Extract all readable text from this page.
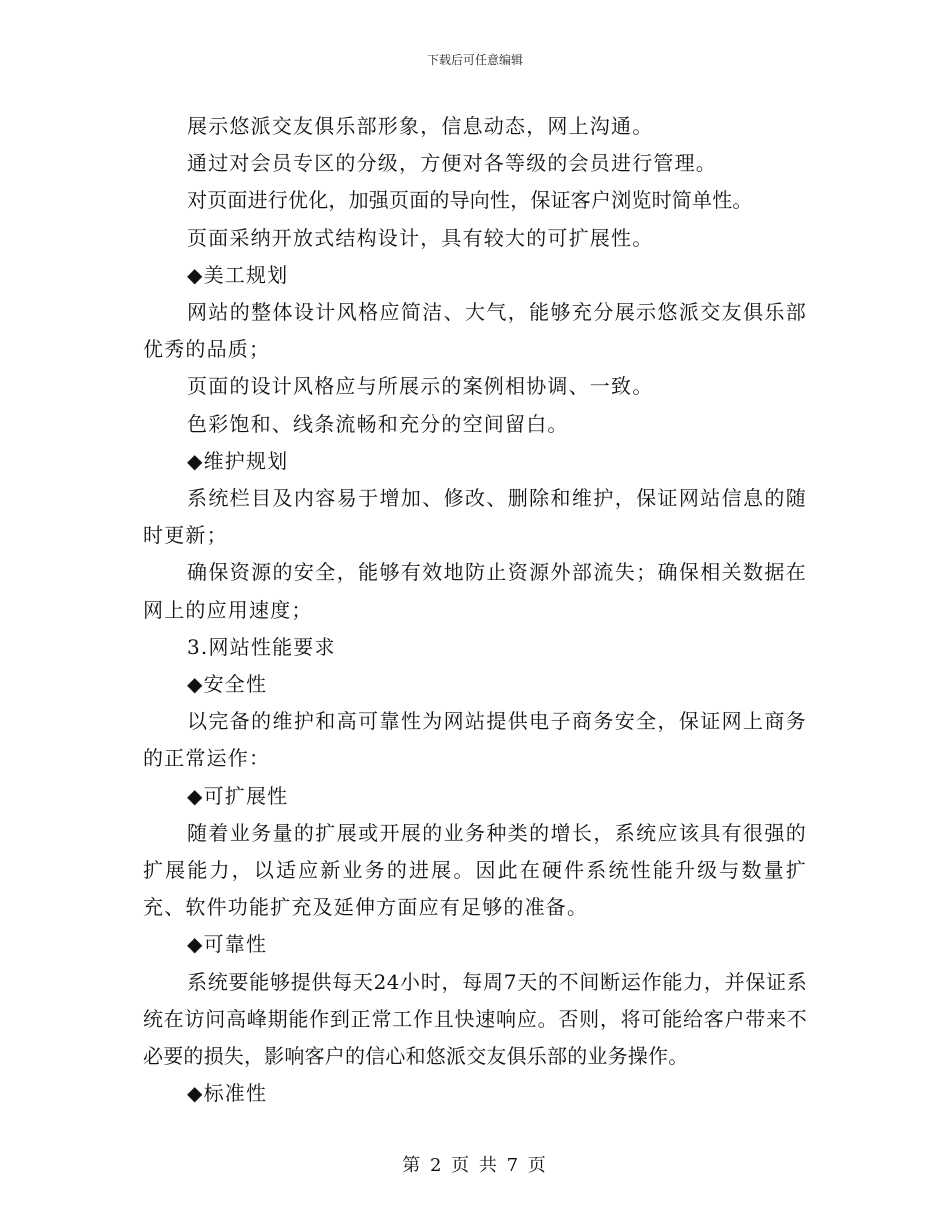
下载后可任意编辑

展示悠派交友俱乐部形象，信息动态，网上沟通。

通过对会员专区的分级，方便对各等级的会员进行管理。

对页面进行优化，加强页面的导向性，保证客户浏览时简单性。

页面采纳开放式结构设计，具有较大的可扩展性。

◆美工规划

网站的整体设计风格应简洁、大气，能够充分展示悠派交友俱乐部优秀的品质；

页面的设计风格应与所展示的案例相协调、一致。

色彩饱和、线条流畅和充分的空间留白。

◆维护规划

系统栏目及内容易于增加、修改、删除和维护，保证网站信息的随时更新；

确保资源的安全，能够有效地防止资源外部流失；确保相关数据在网上的应用速度；

3.网站性能要求

◆安全性

以完备的维护和高可靠性为网站提供电子商务安全，保证网上商务的正常运作：

◆可扩展性

随着业务量的扩展或开展的业务种类的增长，系统应该具有很强的扩展能力，以适应新业务的进展。因此在硬件系统性能升级与数量扩充、软件功能扩充及延伸方面应有足够的准备。

◆可靠性

系统要能够提供每天24小时，每周7天的不间断运作能力，并保证系统在访问高峰期能作到正常工作且快速响应。否则，将可能给客户带来不必要的损失，影响客户的信心和悠派交友俱乐部的业务操作。

◆标准性

第 2 页 共 7 页
